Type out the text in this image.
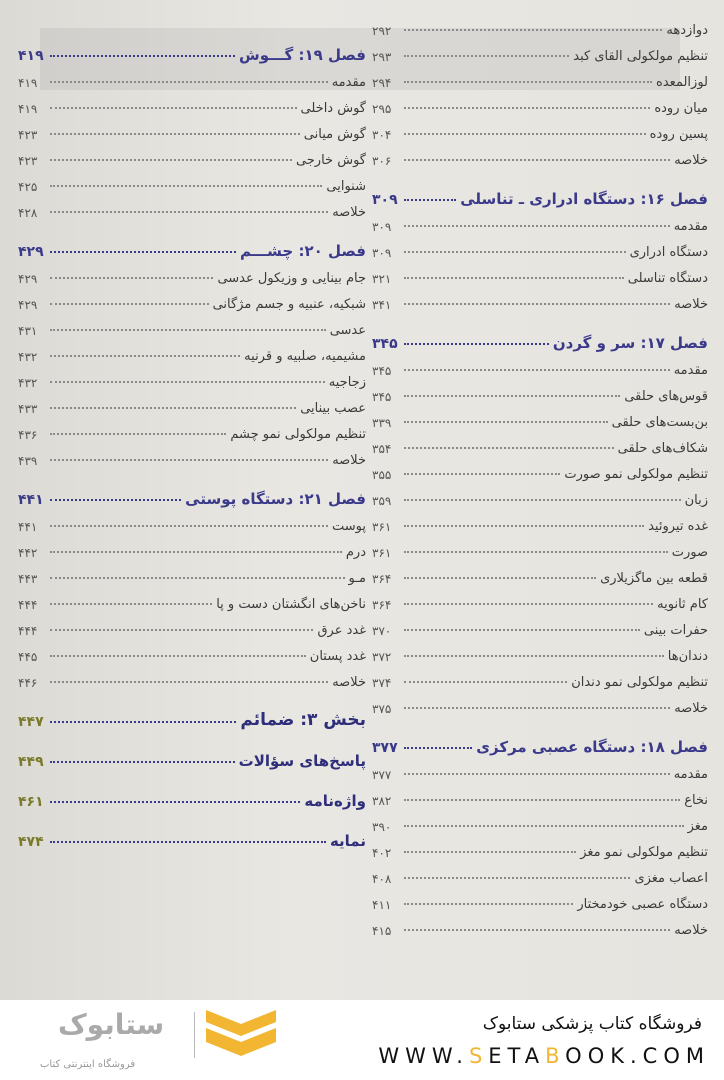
دوازدهه
۲۹۲
تنظیم مولکولی القای کبد
۲۹۳
لوزالمعده
۲۹۴
میان روده
۲۹۵
پسین روده
۳۰۴
خلاصه
۳۰۶
فصل ۱۶: دستگاه ادراری ـ تناسلی
۳۰۹
مقدمه
۳۰۹
دستگاه ادراری
۳۰۹
دستگاه تناسلی
۳۲۱
خلاصه
۳۴۱
فصل ۱۷: سر و گردن
۳۴۵
مقدمه
۳۴۵
قوس‌های حلقی
۳۴۵
بن‌بست‌های حلقی
۳۳۹
شکاف‌های حلقی
۳۵۴
تنظیم مولکولی نمو صورت
۳۵۵
زبان
۳۵۹
غده تیروئید
۳۶۱
صورت
۳۶۱
قطعه بین ماگزیلاری
۳۶۴
کام ثانویه
۳۶۴
حفرات بینی
۳۷۰
دندان‌ها
۳۷۲
تنظیم مولکولی نمو دندان
۳۷۴
خلاصه
۳۷۵
فصل ۱۸: دستگاه عصبی مرکزی
۳۷۷
مقدمه
۳۷۷
نخاع
۳۸۲
مغز
۳۹۰
تنظیم مولکولی نمو مغز
۴۰۲
اعصاب مغزی
۴۰۸
دستگاه عصبی خودمختار
۴۱۱
خلاصه
۴۱۵
فصل ۱۹: گـــوش
۴۱۹
مقدمه
۴۱۹
گوش داخلی
۴۱۹
گوش میانی
۴۲۳
گوش خارجی
۴۲۳
شنوایی
۴۲۵
خلاصه
۴۲۸
فصل ۲۰: چشـــم
۴۲۹
جام بینایی و وزیکول عدسی
۴۲۹
شبکیه، عنبیه و جسم مژگانی
۴۲۹
عدسی
۴۳۱
مشیمیه، صلبیه و قرنیه
۴۳۲
زجاجیه
۴۳۲
عصب بینایی
۴۳۳
تنظیم مولکولی نمو چشم
۴۳۶
خلاصه
۴۳۹
فصل ۲۱: دستگاه پوستی
۴۴۱
پوست
۴۴۱
درم
۴۴۲
مـو
۴۴۳
ناخن‌های انگشتان دست و پا
۴۴۴
غدد عرق
۴۴۴
غدد پستان
۴۴۵
خلاصه
۴۴۶
بخش ۳: ضمائم
۴۴۷
پاسخ‌های سؤالات
۴۴۹
واژه‌نامه
۴۶۱
نمایه
۴۷۴
ستابوک
فروشگاه اینترنتی کتاب
فروشگاه کتاب پزشکی ستابوک
WWW.SETABOOK.COM
